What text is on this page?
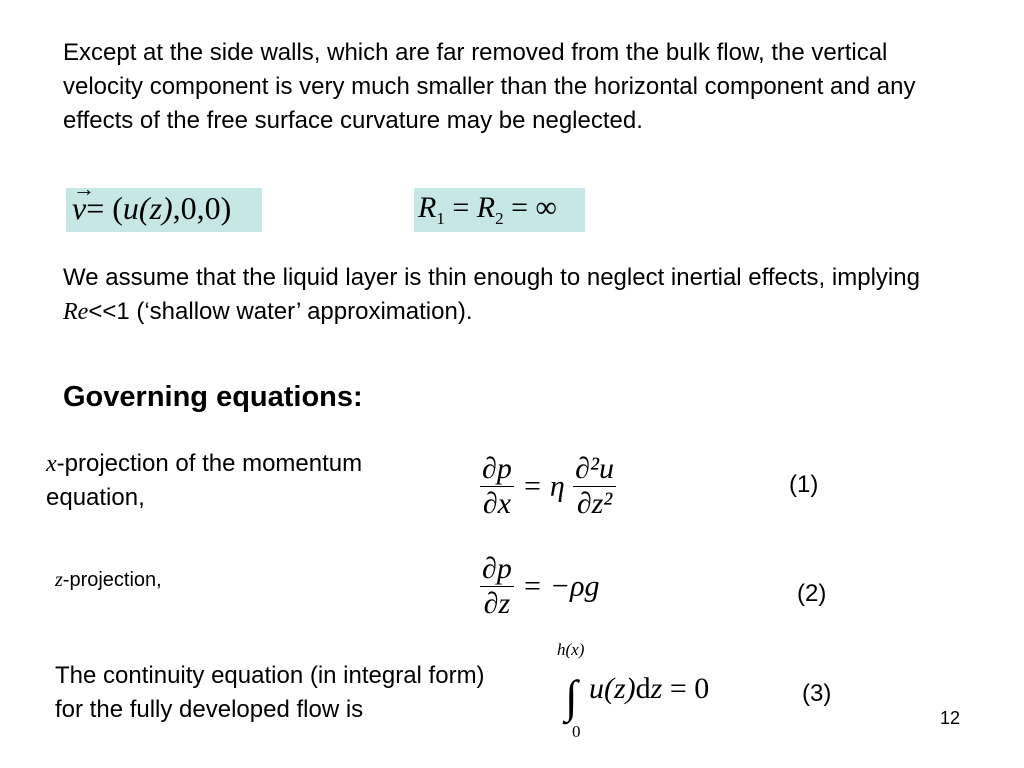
Except at the side walls, which are far removed from the bulk flow, the vertical velocity component is very much smaller than the horizontal component and any effects of the free surface curvature may be neglected.
v
→
= (u(z),0,0)	$R_1 = R_2$ = ∞
We assume that the liquid layer is thin enough to neglect inertial effects, implying Re<<1 (‘shallow water’ approximation).
Governing equations:
x-projection of the momentum equation,	$\frac{\partial p}{\partial x} = \eta \frac{\text{∂²u}}{\text{∂z²}}$	(1)
z-projection,	$\frac{\partial p}{\partial z} = -\rho g$	(2)
The continuity equation (in integral form) for the fully developed flow is
h(x)
∫
0
u(z)dz = 0	(3)
12
